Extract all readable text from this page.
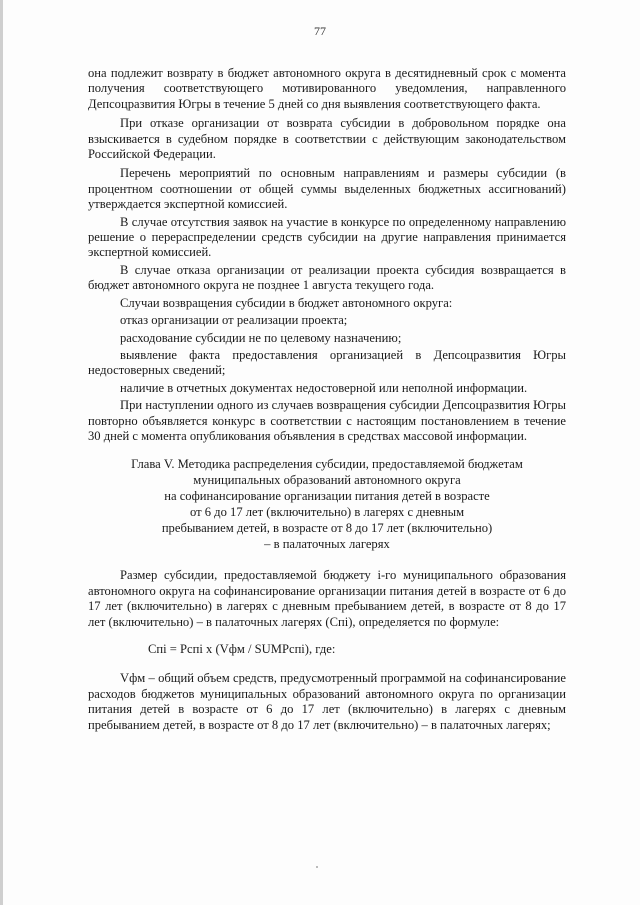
77

она подлежит возврату в бюджет автономного округа в десятидневный срок с момента получения соответствующего мотивированного уведомления, направленного Депсоцразвития Югры в течение 5 дней со дня выявления соответствующего факта.

При отказе организации от возврата субсидии в добровольном порядке она взыскивается в судебном порядке в соответствии с действующим законодательством Российской Федерации.

Перечень мероприятий по основным направлениям и размеры субсидии (в процентном соотношении от общей суммы выделенных бюджетных ассигнований) утверждается экспертной комиссией.

В случае отсутствия заявок на участие в конкурсе по определенному направлению решение о перераспределении средств субсидии на другие направления принимается экспертной комиссией.

В случае отказа организации от реализации проекта субсидия возвращается в бюджет автономного округа не позднее 1 августа текущего года.

Случаи возвращения субсидии в бюджет автономного округа:

отказ организации от реализации проекта;

расходование субсидии не по целевому назначению;

выявление факта предоставления организацией в Депсоцразвития Югры недостоверных сведений;

наличие в отчетных документах недостоверной или неполной информации.

При наступлении одного из случаев возвращения субсидии Депсоцразвития Югры повторно объявляется конкурс в соответствии с настоящим постановлением в течение 30 дней с момента опубликования объявления в средствах массовой информации.

Глава V. Методика распределения субсидии, предоставляемой бюджетам
муниципальных образований автономного округа
на софинансирование организации питания детей в возрасте
от 6 до 17 лет (включительно) в лагерях с дневным
пребыванием детей, в возрасте от 8 до 17 лет (включительно)
– в палаточных лагерях

Размер субсидии, предоставляемой бюджету i-го муниципального образования автономного округа на софинансирование организации питания детей в возрасте от 6 до 17 лет (включительно) в лагерях с дневным пребыванием детей, в возрасте от 8 до 17 лет (включительно) – в палаточных лагерях (Cпi), определяется по формуле:

Cпi = Pcпi x (Vфм / SUMPcпi), где:

Vфм – общий объем средств, предусмотренный программой на софинансирование расходов бюджетов муниципальных образований автономного округа по организации питания детей в возрасте от 6 до 17 лет (включительно) в лагерях с дневным пребыванием детей, в возрасте от 8 до 17 лет (включительно) – в палаточных лагерях;
